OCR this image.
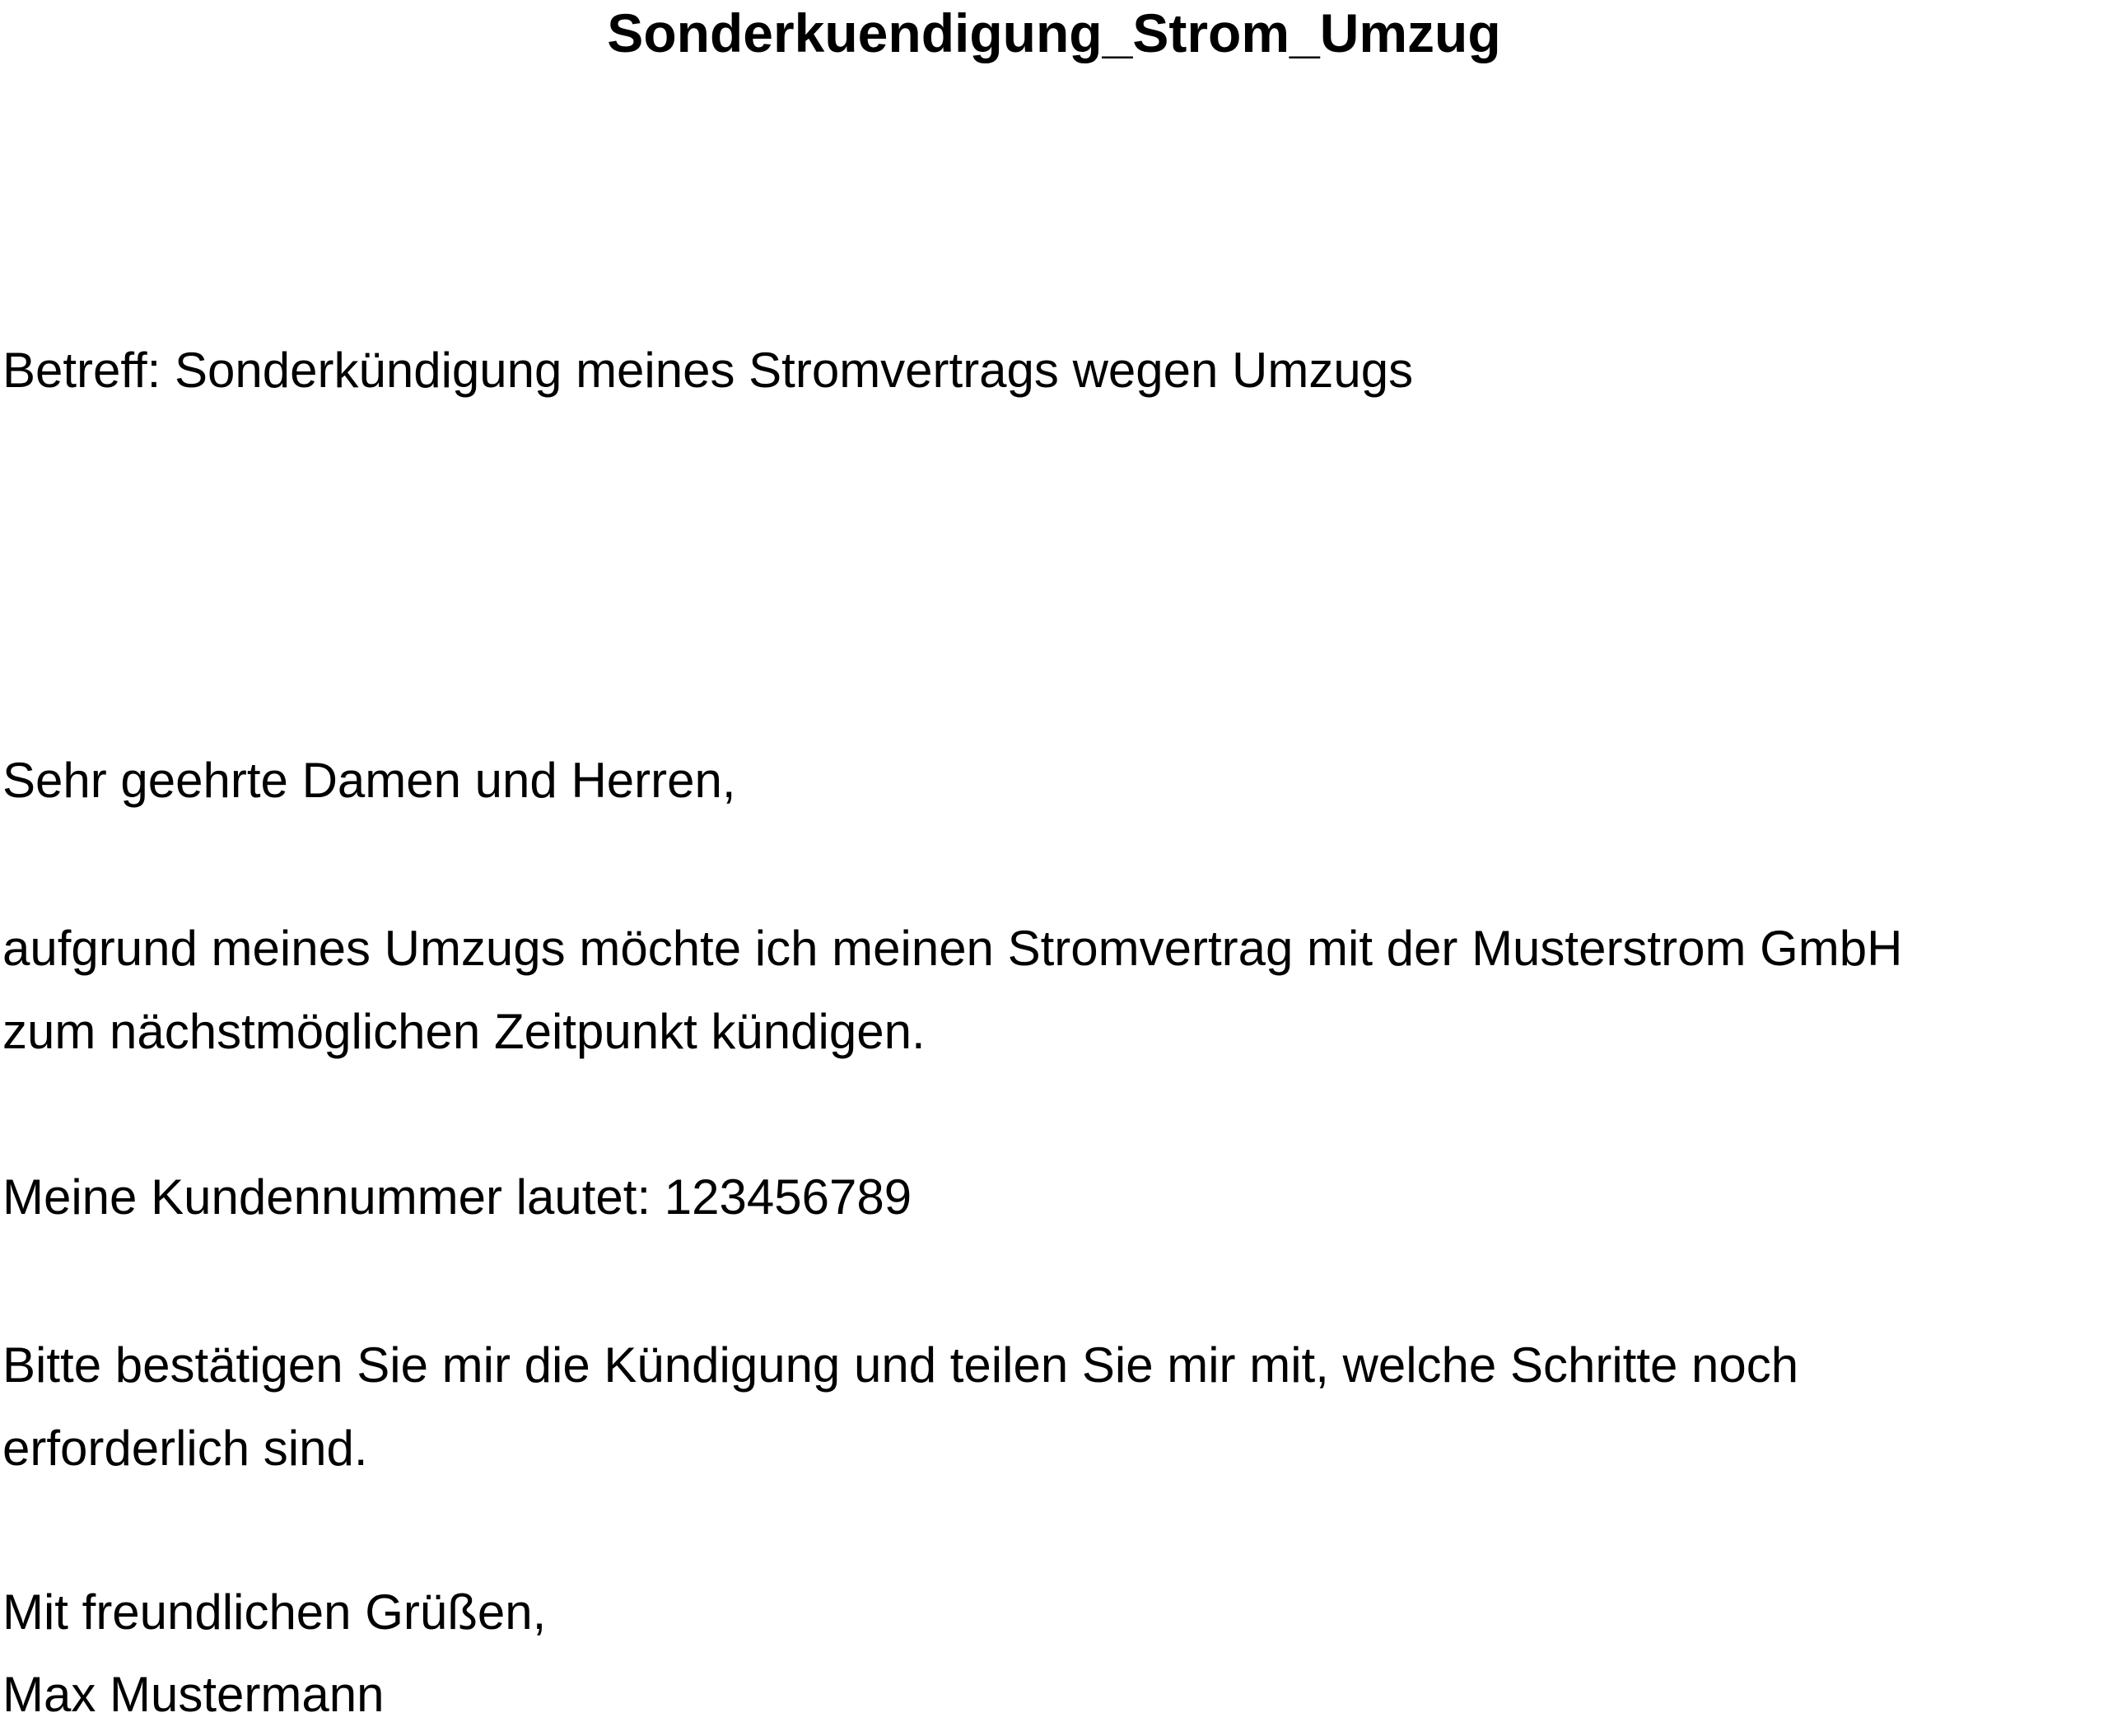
Sonderkuendigung_Strom_Umzug

Betreff: Sonderkündigung meines Stromvertrags wegen Umzugs

Sehr geehrte Damen und Herren,

aufgrund meines Umzugs möchte ich meinen Stromvertrag mit der Musterstrom GmbH

zum nächstmöglichen Zeitpunkt kündigen.

Meine Kundennummer lautet: 123456789

Bitte bestätigen Sie mir die Kündigung und teilen Sie mir mit, welche Schritte noch

erforderlich sind.

Mit freundlichen Grüßen,

Max Mustermann
